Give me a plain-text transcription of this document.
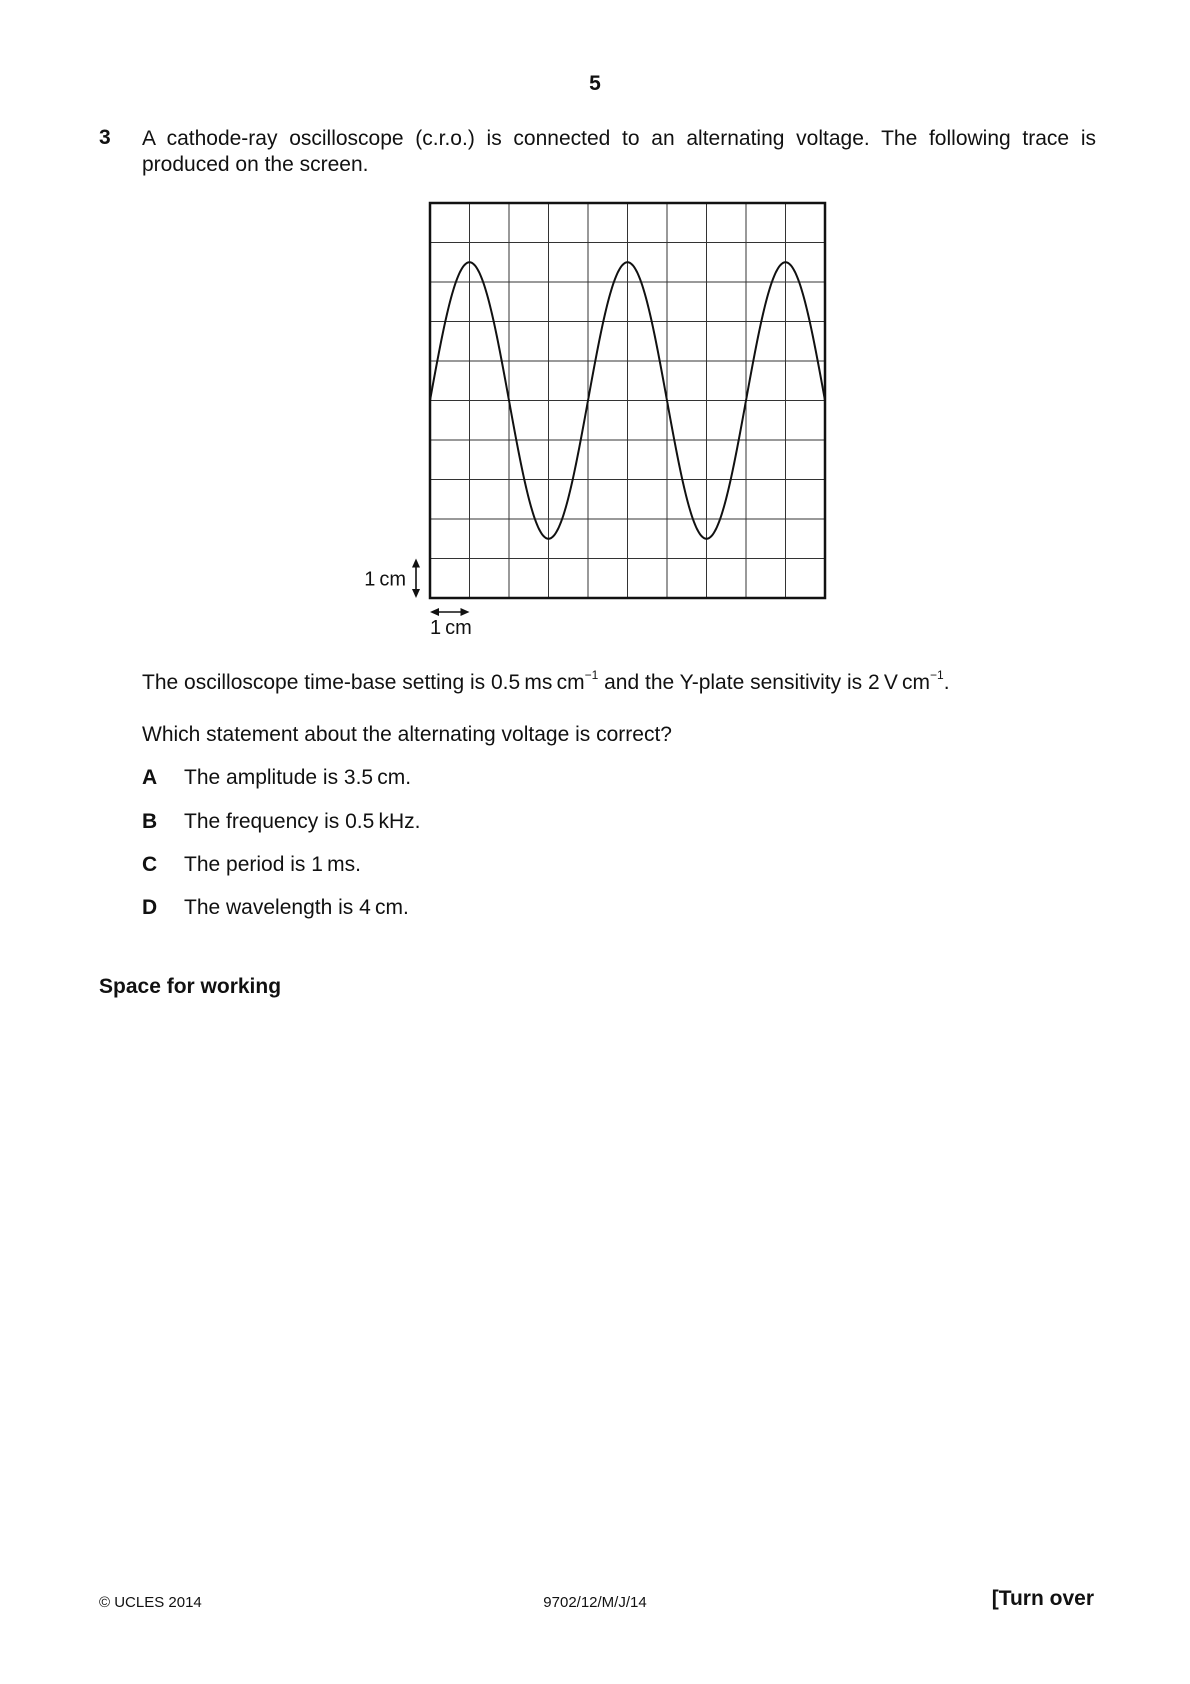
5
3 A cathode-ray oscilloscope (c.r.o.) is connected to an alternating voltage. The following trace is
produced on the screen.
1 cm
1 cm
The oscilloscope time-base setting is 0.5 ms $cm^{-1}$ and the Y-plate sensitivity is 2 V $cm^{-1}$.
Which statement about the alternating voltage is correct?
A The amplitude is 3.5 cm.
B The frequency is 0.5 kHz.
C The period is 1 ms.
D The wavelength is 4 cm.
Space for working
© UCLES 2014	9702/12/M/J/14	[Turn over
